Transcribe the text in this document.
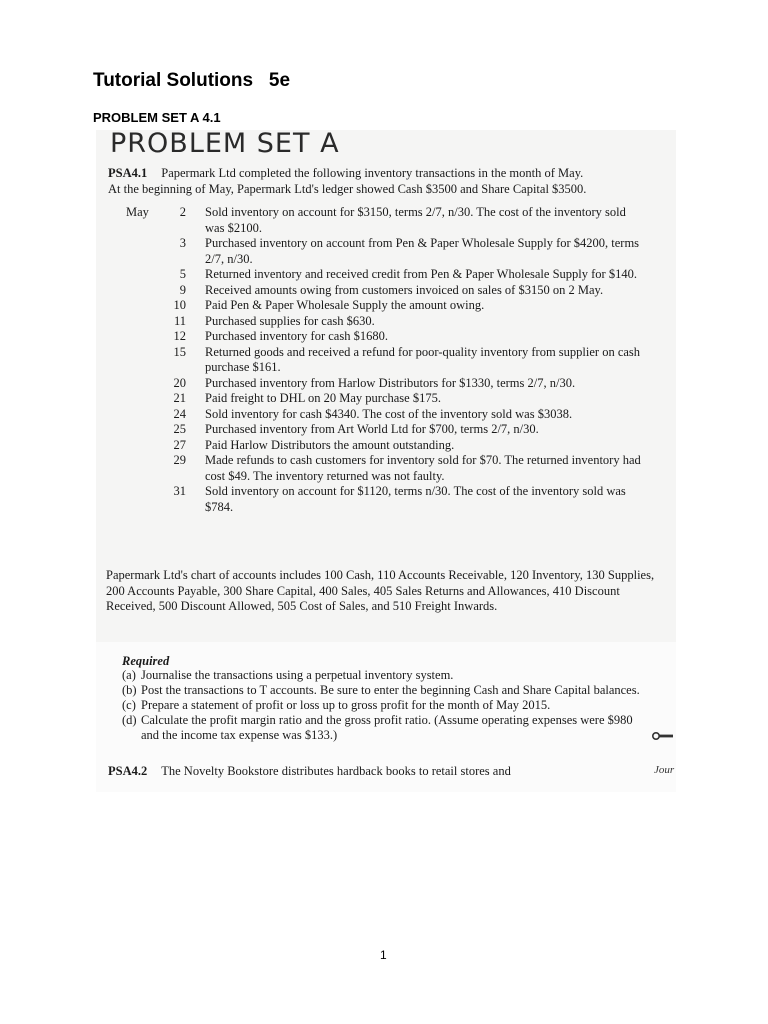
Tutorial Solutions   5e
PROBLEM SET A 4.1
PROBLEM SET A
PSA4.1 Papermark Ltd completed the following inventory transactions in the month of May.
At the beginning of May, Papermark Ltd's ledger showed Cash $3500 and Share Capital $3500.
May	2 Sold inventory on account for $3150, terms 2/7, n/30. The cost of the inventory sold was $2100.
3 Purchased inventory on account from Pen & Paper Wholesale Supply for $4200, terms 2/7, n/30.
5 Returned inventory and received credit from Pen & Paper Wholesale Supply for $140.
9 Received amounts owing from customers invoiced on sales of $3150 on 2 May.
10 Paid Pen & Paper Wholesale Supply the amount owing.
11 Purchased supplies for cash $630.
12 Purchased inventory for cash $1680.
15 Returned goods and received a refund for poor-quality inventory from supplier on cash purchase $161.
20 Purchased inventory from Harlow Distributors for $1330, terms 2/7, n/30.
21 Paid freight to DHL on 20 May purchase $175.
24 Sold inventory for cash $4340. The cost of the inventory sold was $3038.
25 Purchased inventory from Art World Ltd for $700, terms 2/7, n/30.
27 Paid Harlow Distributors the amount outstanding.
29 Made refunds to cash customers for inventory sold for $70. The returned inventory had cost $49. The inventory returned was not faulty.
31 Sold inventory on account for $1120, terms n/30. The cost of the inventory sold was $784.
Papermark Ltd's chart of accounts includes 100 Cash, 110 Accounts Receivable, 120 Inventory, 130 Supplies, 200 Accounts Payable, 300 Share Capital, 400 Sales, 405 Sales Returns and Allowances, 410 Discount Received, 500 Discount Allowed, 505 Cost of Sales, and 510 Freight Inwards.
Required
(a) Journalise the transactions using a perpetual inventory system.
(b) Post the transactions to T accounts. Be sure to enter the beginning Cash and Share Capital balances.
(c) Prepare a statement of profit or loss up to gross profit for the month of May 2015.
(d) Calculate the profit margin ratio and the gross profit ratio. (Assume operating expenses were $980 and the income tax expense was $133.)
PSA4.2 The Novelty Bookstore distributes hardback books to retail stores and	Jour
1
